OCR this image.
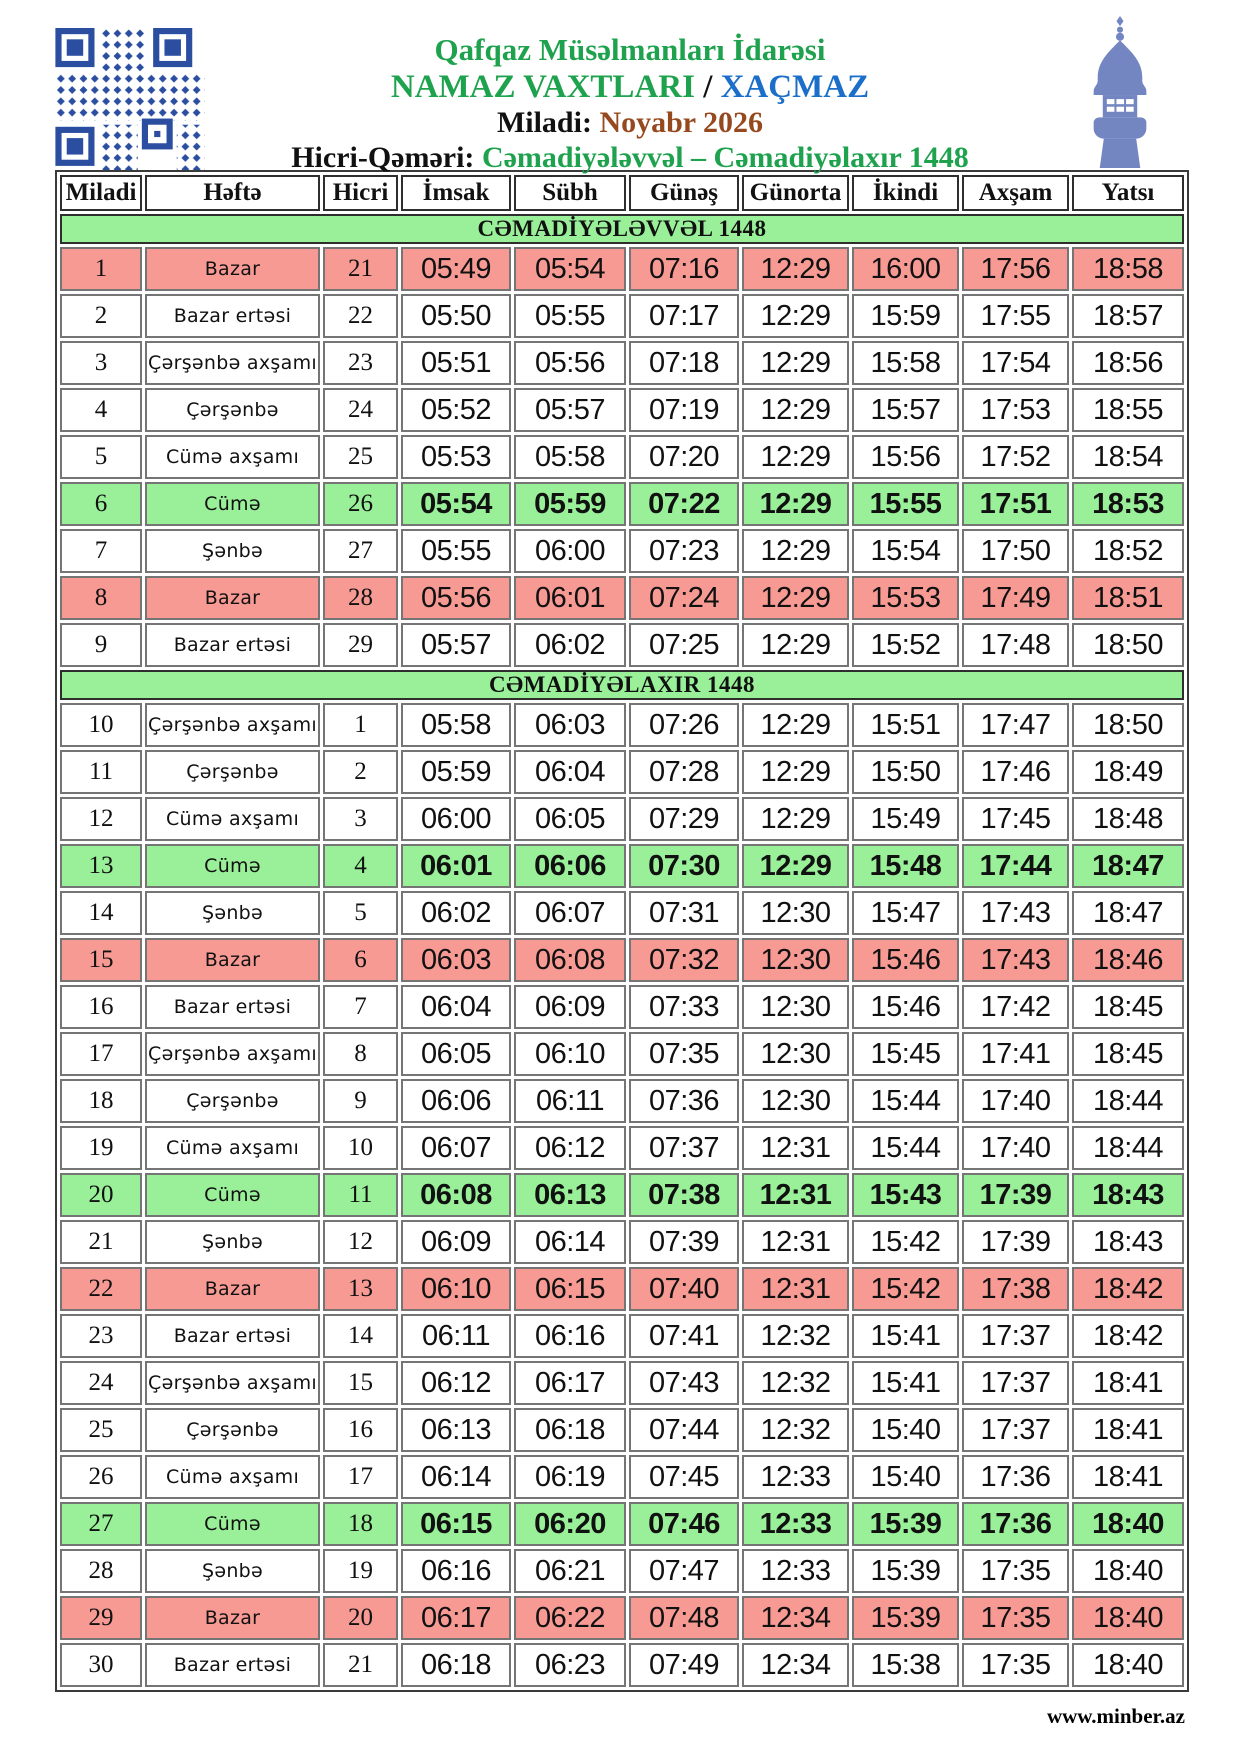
Qafqaz Müsəlmanları İdarəsi
NAMAZ VAXTLARI / XAÇMAZ
Miladi: Noyabr 2026
Hicri-Qəməri: Cəmadiyələvvəl – Cəmadiyəlaxır 1448
Miladi	Həftə	Hicri	İmsak	Sübh	Günəş	Günorta	İkindi	Axşam	Yatsı
CƏMADİYƏLƏVVƏL 1448									
1	Bazar	21	05:49	05:54	07:16	12:29	16:00	17:56	18:58
2	Bazar ertəsi	22	05:50	05:55	07:17	12:29	15:59	17:55	18:57
3	Çərşənbə axşamı	23	05:51	05:56	07:18	12:29	15:58	17:54	18:56
4	Çərşənbə	24	05:52	05:57	07:19	12:29	15:57	17:53	18:55
5	Cümə axşamı	25	05:53	05:58	07:20	12:29	15:56	17:52	18:54
6	Cümə	26	05:54	05:59	07:22	12:29	15:55	17:51	18:53
7	Şənbə	27	05:55	06:00	07:23	12:29	15:54	17:50	18:52
8	Bazar	28	05:56	06:01	07:24	12:29	15:53	17:49	18:51
9	Bazar ertəsi	29	05:57	06:02	07:25	12:29	15:52	17:48	18:50
CƏMADİYƏLAXIR 1448									
10	Çərşənbə axşamı	1	05:58	06:03	07:26	12:29	15:51	17:47	18:50
11	Çərşənbə	2	05:59	06:04	07:28	12:29	15:50	17:46	18:49
12	Cümə axşamı	3	06:00	06:05	07:29	12:29	15:49	17:45	18:48
13	Cümə	4	06:01	06:06	07:30	12:29	15:48	17:44	18:47
14	Şənbə	5	06:02	06:07	07:31	12:30	15:47	17:43	18:47
15	Bazar	6	06:03	06:08	07:32	12:30	15:46	17:43	18:46
16	Bazar ertəsi	7	06:04	06:09	07:33	12:30	15:46	17:42	18:45
17	Çərşənbə axşamı	8	06:05	06:10	07:35	12:30	15:45	17:41	18:45
18	Çərşənbə	9	06:06	06:11	07:36	12:30	15:44	17:40	18:44
19	Cümə axşamı	10	06:07	06:12	07:37	12:31	15:44	17:40	18:44
20	Cümə	11	06:08	06:13	07:38	12:31	15:43	17:39	18:43
21	Şənbə	12	06:09	06:14	07:39	12:31	15:42	17:39	18:43
22	Bazar	13	06:10	06:15	07:40	12:31	15:42	17:38	18:42
23	Bazar ertəsi	14	06:11	06:16	07:41	12:32	15:41	17:37	18:42
24	Çərşənbə axşamı	15	06:12	06:17	07:43	12:32	15:41	17:37	18:41
25	Çərşənbə	16	06:13	06:18	07:44	12:32	15:40	17:37	18:41
26	Cümə axşamı	17	06:14	06:19	07:45	12:33	15:40	17:36	18:41
27	Cümə	18	06:15	06:20	07:46	12:33	15:39	17:36	18:40
28	Şənbə	19	06:16	06:21	07:47	12:33	15:39	17:35	18:40
29	Bazar	20	06:17	06:22	07:48	12:34	15:39	17:35	18:40
30	Bazar ertəsi	21	06:18	06:23	07:49	12:34	15:38	17:35	18:40
www.minber.az
